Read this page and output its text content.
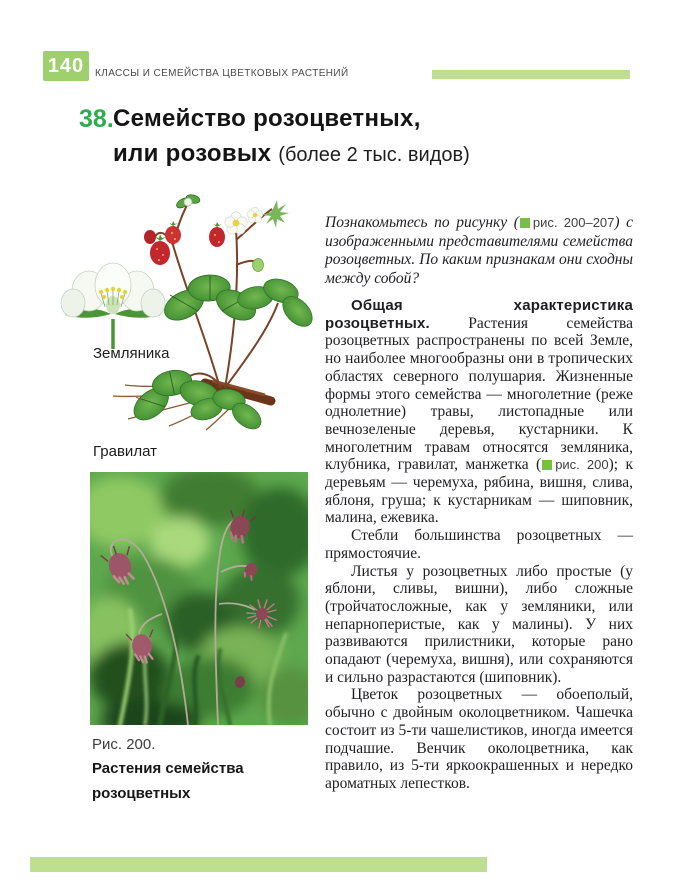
140	КЛАССЫ И СЕМЕЙСТВА ЦВЕТКОВЫХ РАСТЕНИЙ
38. Семейство розоцветных,
или розовых (более 2 тыс. видов)
Земляника
Гравилат
Рис. 200.
Растения семейства
розоцветных
Познакомьтесь по рисунку ( рис. 200–207) с изображенными представителями семейства розоцветных. По каким признакам они сходны между собой?

Общая характеристика розоцветных. Растения семейства розоцветных распространены по всей Земле, но наиболее многообразны они в тропических областях северного полушария. Жизненные формы этого семейства — многолетние (реже однолетние) травы, листопадные или вечнозеленые деревья, кустарники. К многолетним травам относятся земляника, клубника, гравилат, манжетка ( рис. 200); к деревьям — черемуха, рябина, вишня, слива, яблоня, груша; к кустарникам — шиповник, малина, ежевика.

Стебли большинства розоцветных — прямостоячие.

Листья у розоцветных либо простые (у яблони, сливы, вишни), либо сложные (тройчатосложные, как у земляники, или непарноперистые, как у малины). У них развиваются прилистники, которые рано опадают (черемуха, вишня), или сохраняются и сильно разрастаются (шиповник).

Цветок розоцветных — обоеполый, обычно с двойным околоцветником. Чашечка состоит из 5-ти чашелистиков, иногда имеется подчашие. Венчик околоцветника, как правило, из 5-ти яркоокрашенных и нередко ароматных лепестков.
